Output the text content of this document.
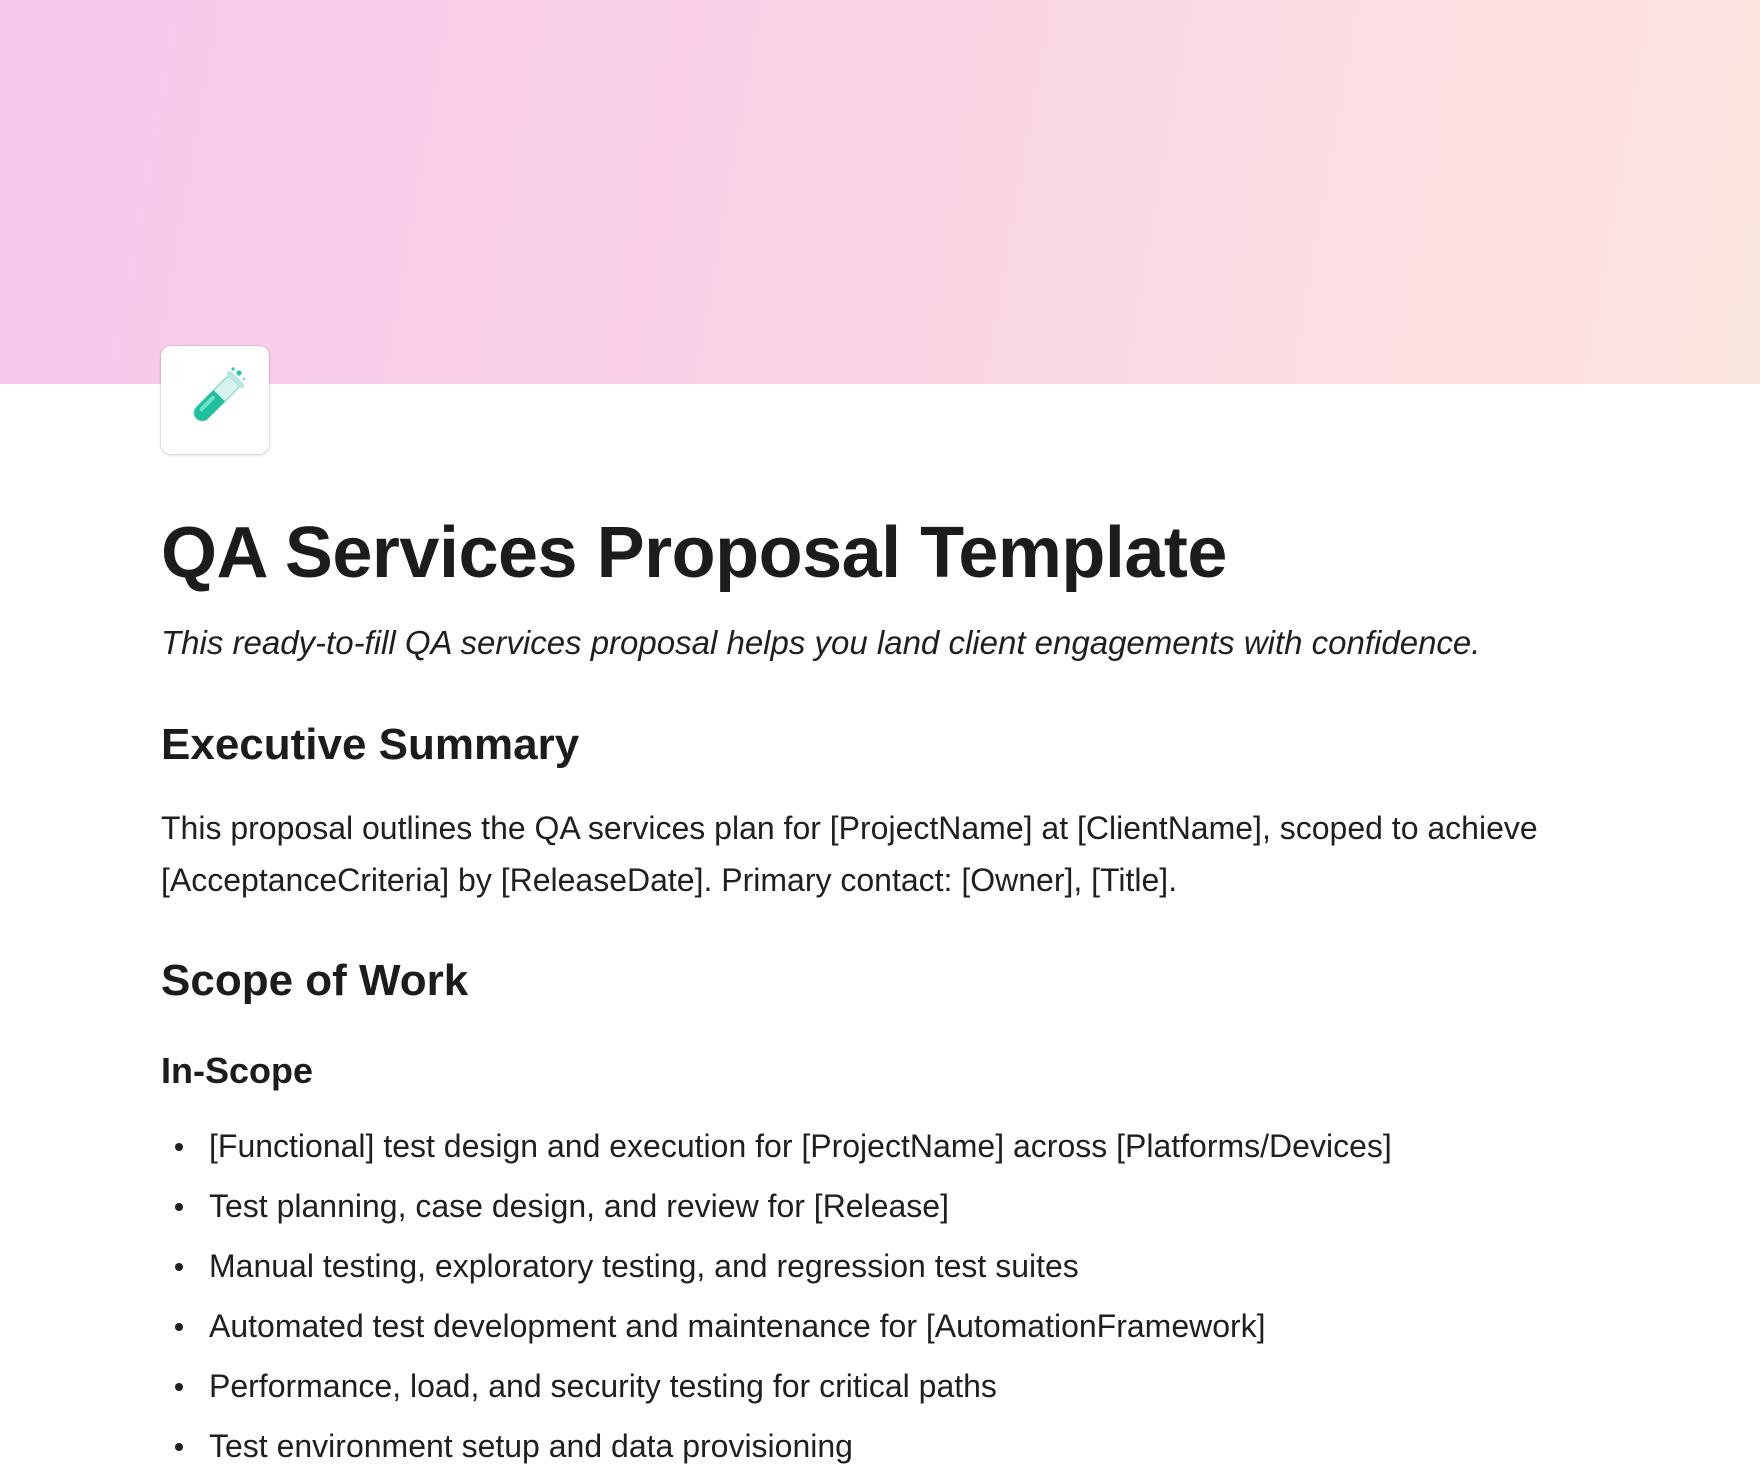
QA Services Proposal Template

This ready-to-fill QA services proposal helps you land client engagements with confidence.

Executive Summary

This proposal outlines the QA services plan for [ProjectName] at [ClientName], scoped to achieve [AcceptanceCriteria] by [ReleaseDate]. Primary contact: [Owner], [Title].

Scope of Work
In-Scope
[Functional] test design and execution for [ProjectName] across [Platforms/Devices]
Test planning, case design, and review for [Release]
Manual testing, exploratory testing, and regression test suites
Automated test development and maintenance for [AutomationFramework]
Performance, load, and security testing for critical paths
Test environment setup and data provisioning
